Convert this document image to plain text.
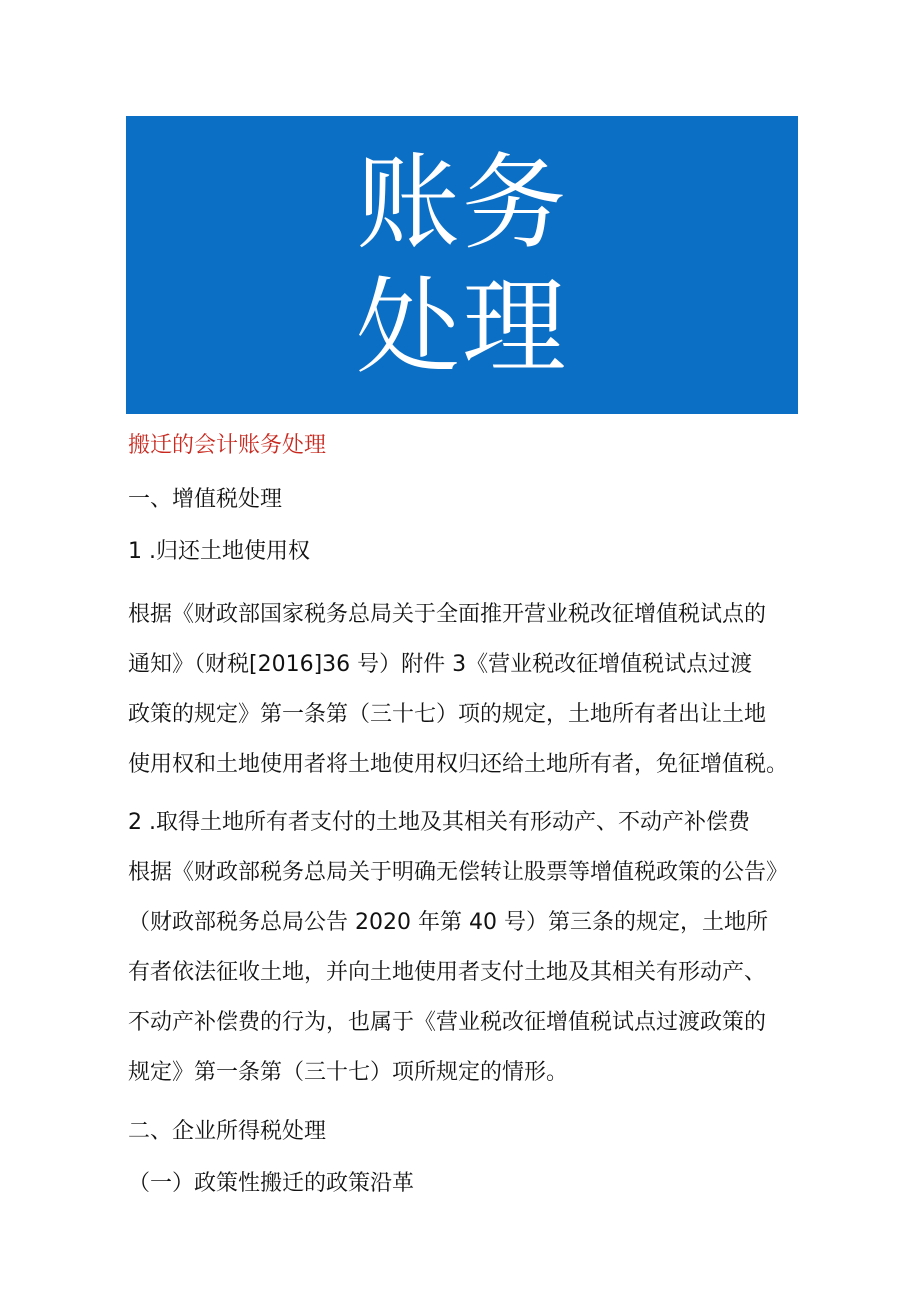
账务
处理
搬迁的会计账务处理
一、增值税处理
1 .归还土地使用权

根据《财政部国家税务总局关于全面推开营业税改征增值税试点的
通知》（财税[2016]36 号）附件 3《营业税改征增值税试点过渡
政策的规定》第一条第（三十七）项的规定，土地所有者出让土地
使用权和土地使用者将土地使用权归还给土地所有者，免征增值税。

2 .取得土地所有者支付的土地及其相关有形动产、不动产补偿费

根据《财政部税务总局关于明确无偿转让股票等增值税政策的公告》
（财政部税务总局公告 2020 年第 40 号）第三条的规定，土地所
有者依法征收土地，并向土地使用者支付土地及其相关有形动产、
不动产补偿费的行为，也属于《营业税改征增值税试点过渡政策的
规定》第一条第（三十七）项所规定的情形。

二、企业所得税处理
（一）政策性搬迁的政策沿革
